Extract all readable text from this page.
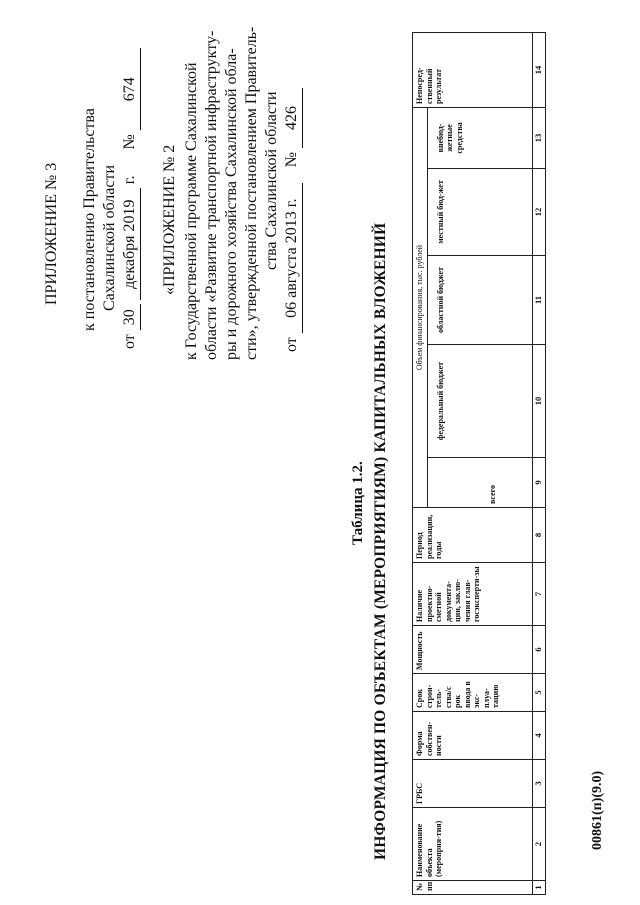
ПРИЛОЖЕНИЕ № 3 к постановлению Правительства Сахалинской области
от 30 декабря 2019 г.  № 674
«ПРИЛОЖЕНИЕ № 2 к Государственной программе Сахалинской области «Развитие транспортной инфраструкту- ры и дорожного хозяйства Сахалинской обла- сти», утвержденной постановлением Правитель- ства Сахалинской области
от 06 августа 2013 г.  № 426
Таблица 1.2. ИНФОРМАЦИЯ ПО ОБЪЕКТАМ (МЕРОПРИЯТИЯМ) КАПИТАЛЬНЫХ ВЛОЖЕНИЙ
№ пп	Наименование объекта (мероприя-тия)	ГРБС	Форма собствен-ности	Срок строи-тель-ства/с рок ввода в экс-плуа-тацию	Мощность	Наличие проектно-сметной документа-ции, заклю-чения глав-госэксперти-зы	Период реализации, годы	Объем финансирования, тыс. рублей					Непосред-ственный результат
								всего	федеральный бюджет	областной бюджет	местный бюд-жет	внебюд-жетные средства	
1	2	3	4	5	6	7	8	9	10	11	12	13	14
00861(п)(9.0)
